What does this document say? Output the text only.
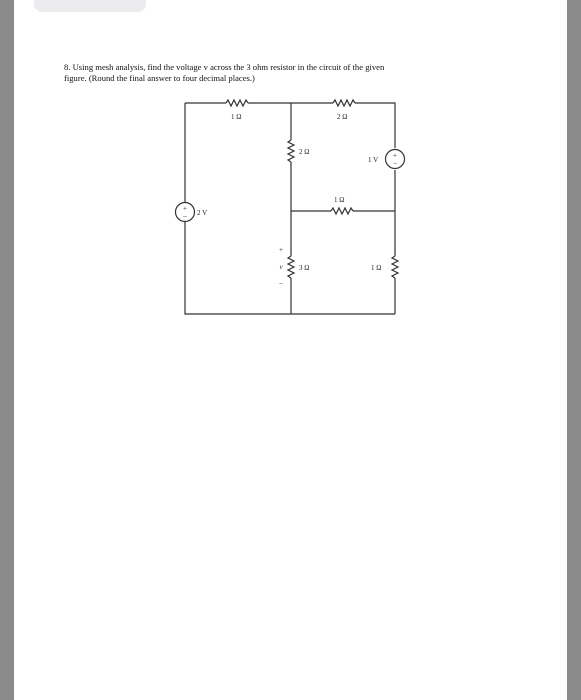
8. Using mesh analysis, find the voltage v across the 3 ohm resistor in the circuit of the given
figure. (Round the final answer to four decimal places.)
+
– 2 V
+
–
1 V
1 Ω	2 Ω
2 Ω
1 Ω
3 Ω	1 Ω
+
v
–
